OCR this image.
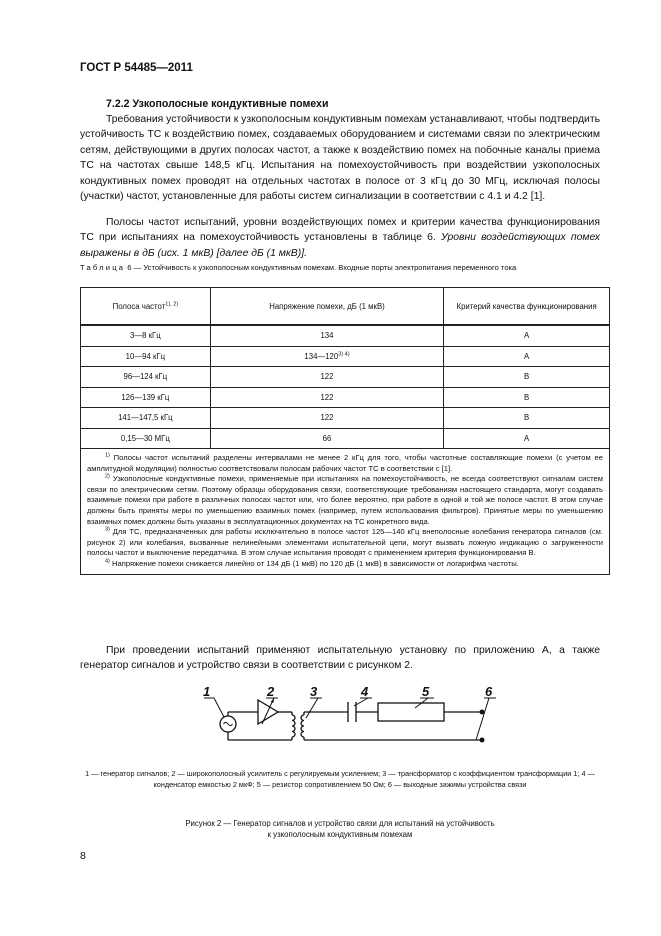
ГОСТ Р 54485—2011
7.2.2 Узкополосные кондуктивные помехи

Требования устойчивости к узкополосным кондуктивным помехам устанавливают, чтобы подтвердить устойчивость ТС к воздействию помех, создаваемых оборудованием и системами связи по электрическим сетям, действующими в других полосах частот, а также к воздействию помех на побочные каналы приема ТС на частотах свыше 148,5 кГц. Испытания на помехоустойчивость при воздействии узкополосных кондуктивных помех проводят на отдельных частотах в полосе от 3 кГц до 30 МГц, исключая полосы (участки) частот, установленные для работы систем сигнализации в соответствии с 4.1 и 4.2 [1].

Полосы частот испытаний, уровни воздействующих помех и критерии качества функционирования ТС при испытаниях на помехоустойчивость установлены в таблице 6. Уровни воздействующих помех выражены в дБ (исх. 1 мкВ) [далее дБ (1 мкВ)].

Таблица 6 — Устойчивость к узкополосным кондуктивным помехам. Входные порты электропитания переменного тока
Полоса частот$^{1), 2)}$	Напряжение помехи, дБ (1 мкВ)	Критерий качества функционирования
3—8 кГц	134	A
10—94 кГц	$134—120^{3) 4)}$	A
96—124 кГц	122	B
126—139 кГц	122	B
141—147,5 кГц	122	B
0,15—30 МГц	66	A

$^{1)}$ Полосы частот испытаний разделены интервалами не менее 2 кГц для того, чтобы частотные составляющие помехи (с учетом ее амплитудной модуляции) полностью соответствовали полосам рабочих частот ТС в соответствии с [1].

$^{2)}$ Узкополосные кондуктивные помехи, применяемые при испытаниях на помехоустойчивость, не всегда соответствуют сигналам систем связи по электрическим сетям. Поэтому образцы оборудования связи, соответствующие требованиям настоящего стандарта, могут создавать взаимные помехи при работе в различных полосах частот или, что более вероятно, при работе в одной и той же полосе частот. В этом случае должны быть приняты меры по уменьшению взаимных помех (например, путем использования фильтров). Принятые меры по уменьшению взаимных помех должны быть указаны в эксплуатационных документах на ТС конкретного вида.

$^{3)}$ Для ТС, предназначенных для работы исключительно в полосе частот 125—140 кГц внеполосные колебания генератора сигналов (см. рисунок 2) или колебания, вызванные нелинейными элементами испытательной цепи, могут вызвать ложную индикацию о загруженности полосы частот и выключение передатчика. В этом случае испытания проводят с применением критерия функционирования B.

$^{4)}$ Напряжение помехи снижается линейно от 134 дБ (1 мкВ) по 120 дБ (1 мкВ) в зависимости от логарифма частоты.		

При проведении испытаний применяют испытательную установку по приложению А, а также генератор сигналов и устройство связи в соответствии с рисунком 2.

1	2	3	4	5	6
1 — генератор сигналов; 2 — широкополосный усилитель с регулируемым усилением; 3 — трансформатор с коэффициентом трансформации 1; 4 — конденсатор емкостью 2 мкФ; 5 — резистор сопротивлением 50 Ом; 6 — выходные зажимы устройства связи
Рисунок 2 — Генератор сигналов и устройство связи для испытаний на устойчивость
к узкополосным кондуктивным помехам
8
